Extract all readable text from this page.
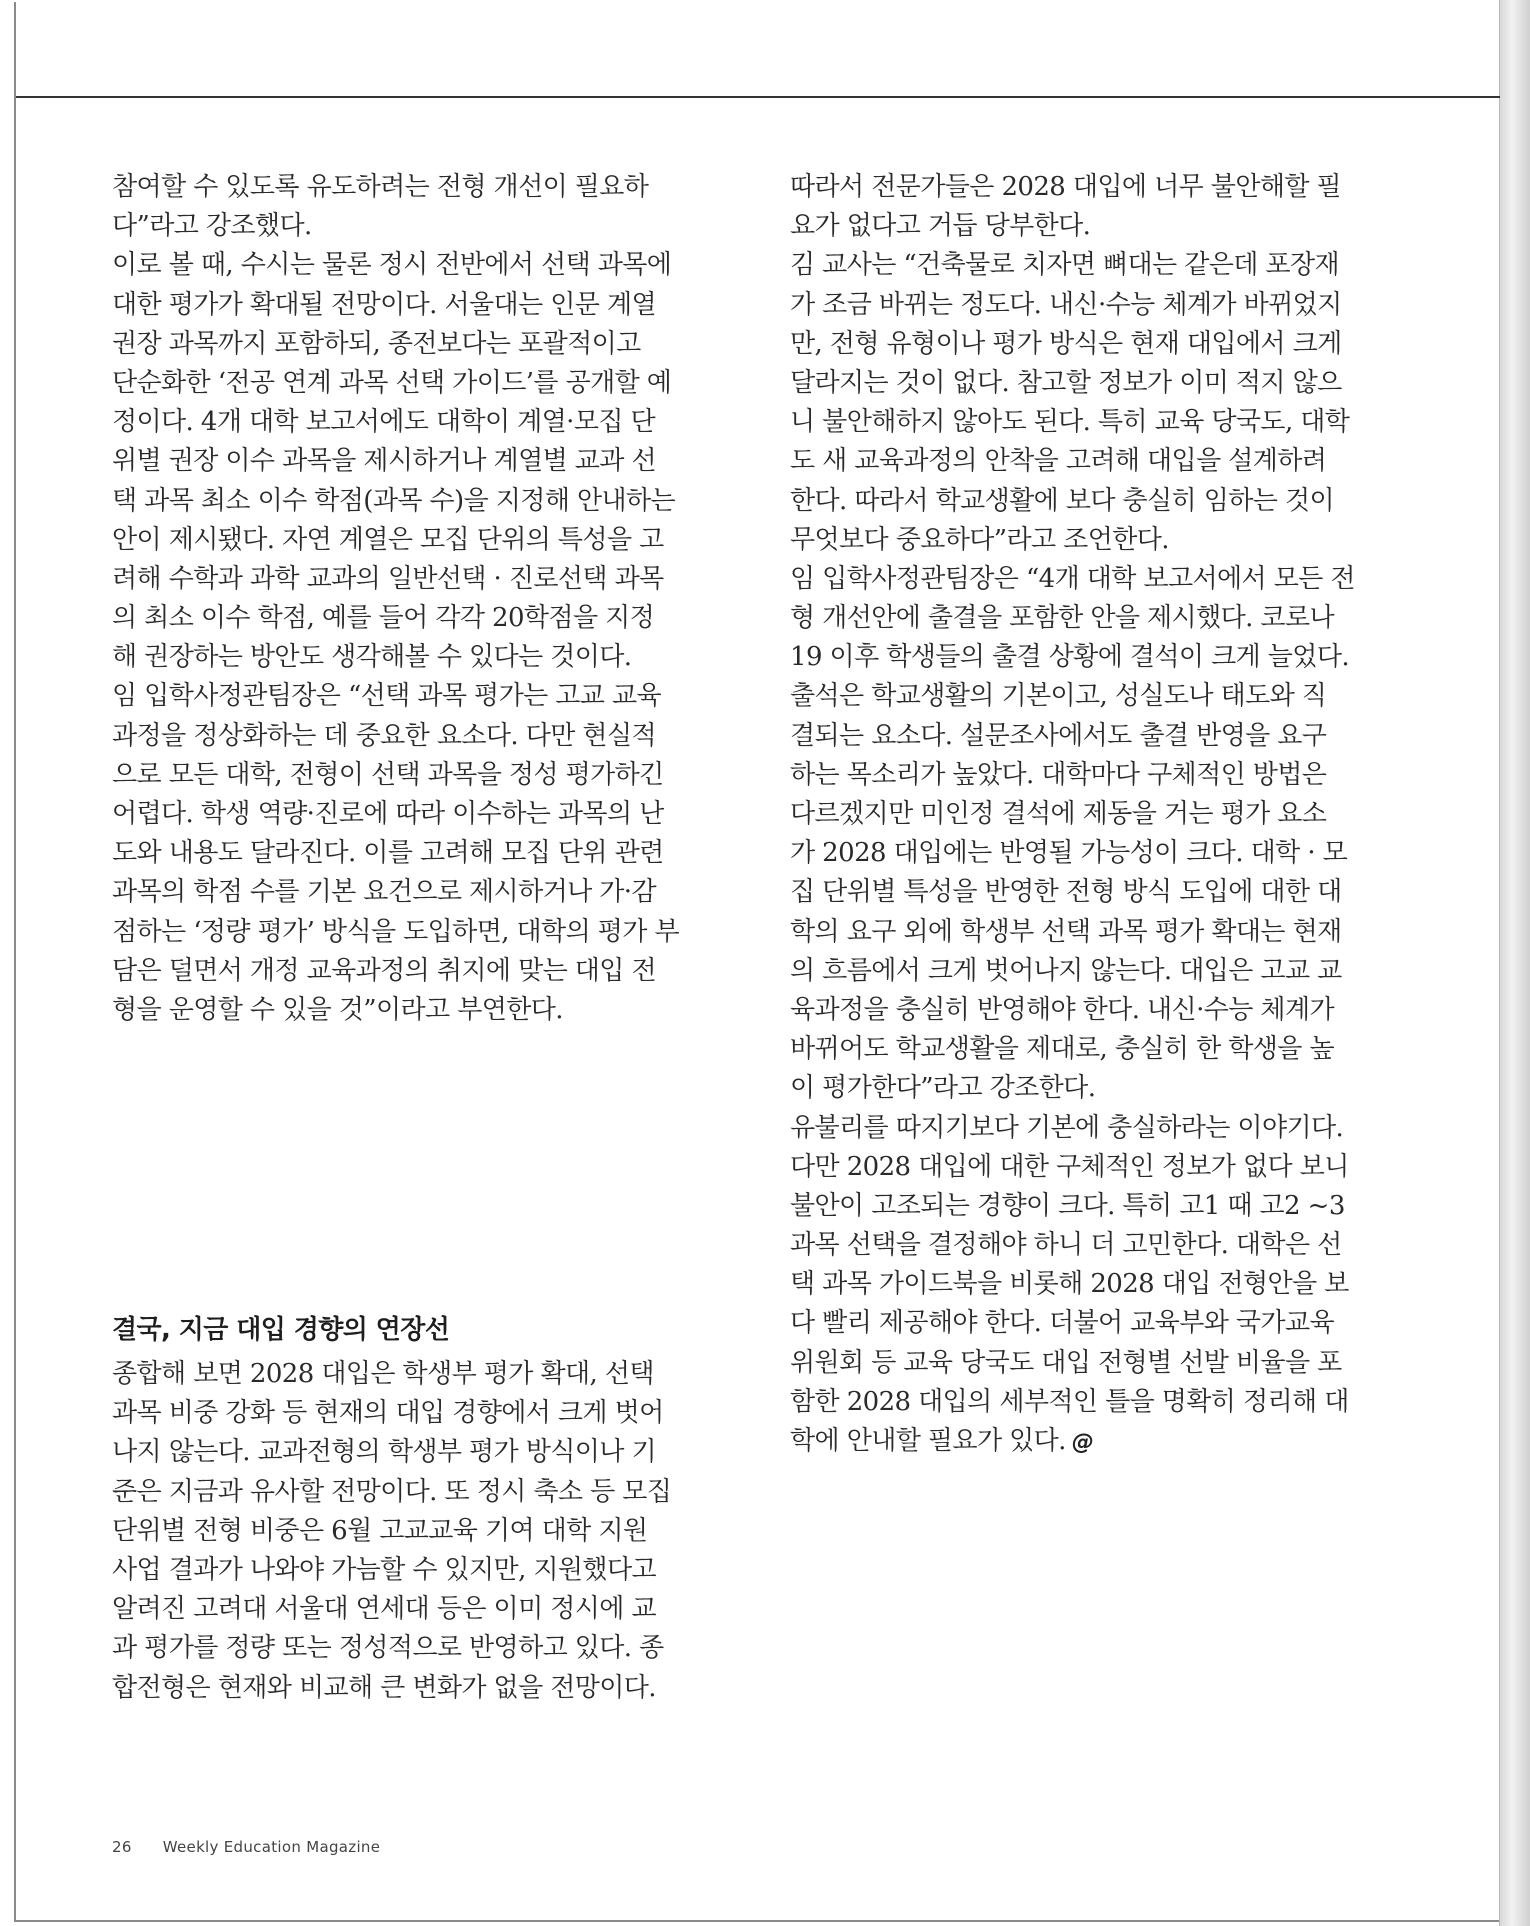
참여할 수 있도록 유도하려는 전형 개선이 필요하
다”라고 강조했다.
이로 볼 때, 수시는 물론 정시 전반에서 선택 과목에
대한 평가가 확대될 전망이다. 서울대는 인문 계열
권장 과목까지 포함하되, 종전보다는 포괄적이고
단순화한 ‘전공 연계 과목 선택 가이드’를 공개할 예
정이다. 4개 대학 보고서에도 대학이 계열·모집 단
위별 권장 이수 과목을 제시하거나 계열별 교과 선
택 과목 최소 이수 학점(과목 수)을 지정해 안내하는
안이 제시됐다. 자연 계열은 모집 단위의 특성을 고
려해 수학과 과학 교과의 일반선택 · 진로선택 과목
의 최소 이수 학점, 예를 들어 각각 20학점을 지정
해 권장하는 방안도 생각해볼 수 있다는 것이다.
임 입학사정관팀장은 “선택 과목 평가는 고교 교육
과정을 정상화하는 데 중요한 요소다. 다만 현실적
으로 모든 대학, 전형이 선택 과목을 정성 평가하긴
어렵다. 학생 역량·진로에 따라 이수하는 과목의 난
도와 내용도 달라진다. 이를 고려해 모집 단위 관련
과목의 학점 수를 기본 요건으로 제시하거나 가·감
점하는 ‘정량 평가’ 방식을 도입하면, 대학의 평가 부
담은 덜면서 개정 교육과정의 취지에 맞는 대입 전
형을 운영할 수 있을 것”이라고 부연한다.
결국, 지금 대입 경향의 연장선
종합해 보면 2028 대입은 학생부 평가 확대, 선택
과목 비중 강화 등 현재의 대입 경향에서 크게 벗어
나지 않는다. 교과전형의 학생부 평가 방식이나 기
준은 지금과 유사할 전망이다. 또 정시 축소 등 모집
단위별 전형 비중은 6월 고교교육 기여 대학 지원
사업 결과가 나와야 가늠할 수 있지만, 지원했다고
알려진 고려대 서울대 연세대 등은 이미 정시에 교
과 평가를 정량 또는 정성적으로 반영하고 있다. 종
합전형은 현재와 비교해 큰 변화가 없을 전망이다.
따라서 전문가들은 2028 대입에 너무 불안해할 필
요가 없다고 거듭 당부한다.
김 교사는 “건축물로 치자면 뼈대는 같은데 포장재
가 조금 바뀌는 정도다. 내신·수능 체계가 바뀌었지
만, 전형 유형이나 평가 방식은 현재 대입에서 크게
달라지는 것이 없다. 참고할 정보가 이미 적지 않으
니 불안해하지 않아도 된다. 특히 교육 당국도, 대학
도 새 교육과정의 안착을 고려해 대입을 설계하려
한다. 따라서 학교생활에 보다 충실히 임하는 것이
무엇보다 중요하다”라고 조언한다.
임 입학사정관팀장은 “4개 대학 보고서에서 모든 전
형 개선안에 출결을 포함한 안을 제시했다. 코로나
19 이후 학생들의 출결 상황에 결석이 크게 늘었다.
출석은 학교생활의 기본이고, 성실도나 태도와 직
결되는 요소다. 설문조사에서도 출결 반영을 요구
하는 목소리가 높았다. 대학마다 구체적인 방법은
다르겠지만 미인정 결석에 제동을 거는 평가 요소
가 2028 대입에는 반영될 가능성이 크다. 대학 · 모
집 단위별 특성을 반영한 전형 방식 도입에 대한 대
학의 요구 외에 학생부 선택 과목 평가 확대는 현재
의 흐름에서 크게 벗어나지 않는다. 대입은 고교 교
육과정을 충실히 반영해야 한다. 내신·수능 체계가
바뀌어도 학교생활을 제대로, 충실히 한 학생을 높
이 평가한다”라고 강조한다.
유불리를 따지기보다 기본에 충실하라는 이야기다.
다만 2028 대입에 대한 구체적인 정보가 없다 보니
불안이 고조되는 경향이 크다. 특히 고1 때 고2 ~3
과목 선택을 결정해야 하니 더 고민한다. 대학은 선
택 과목 가이드북을 비롯해 2028 대입 전형안을 보
다 빨리 제공해야 한다. 더불어 교육부와 국가교육
위원회 등 교육 당국도 대입 전형별 선발 비율을 포
함한 2028 대입의 세부적인 틀을 명확히 정리해 대
학에 안내할 필요가 있다. @
26 Weekly Education Magazine
